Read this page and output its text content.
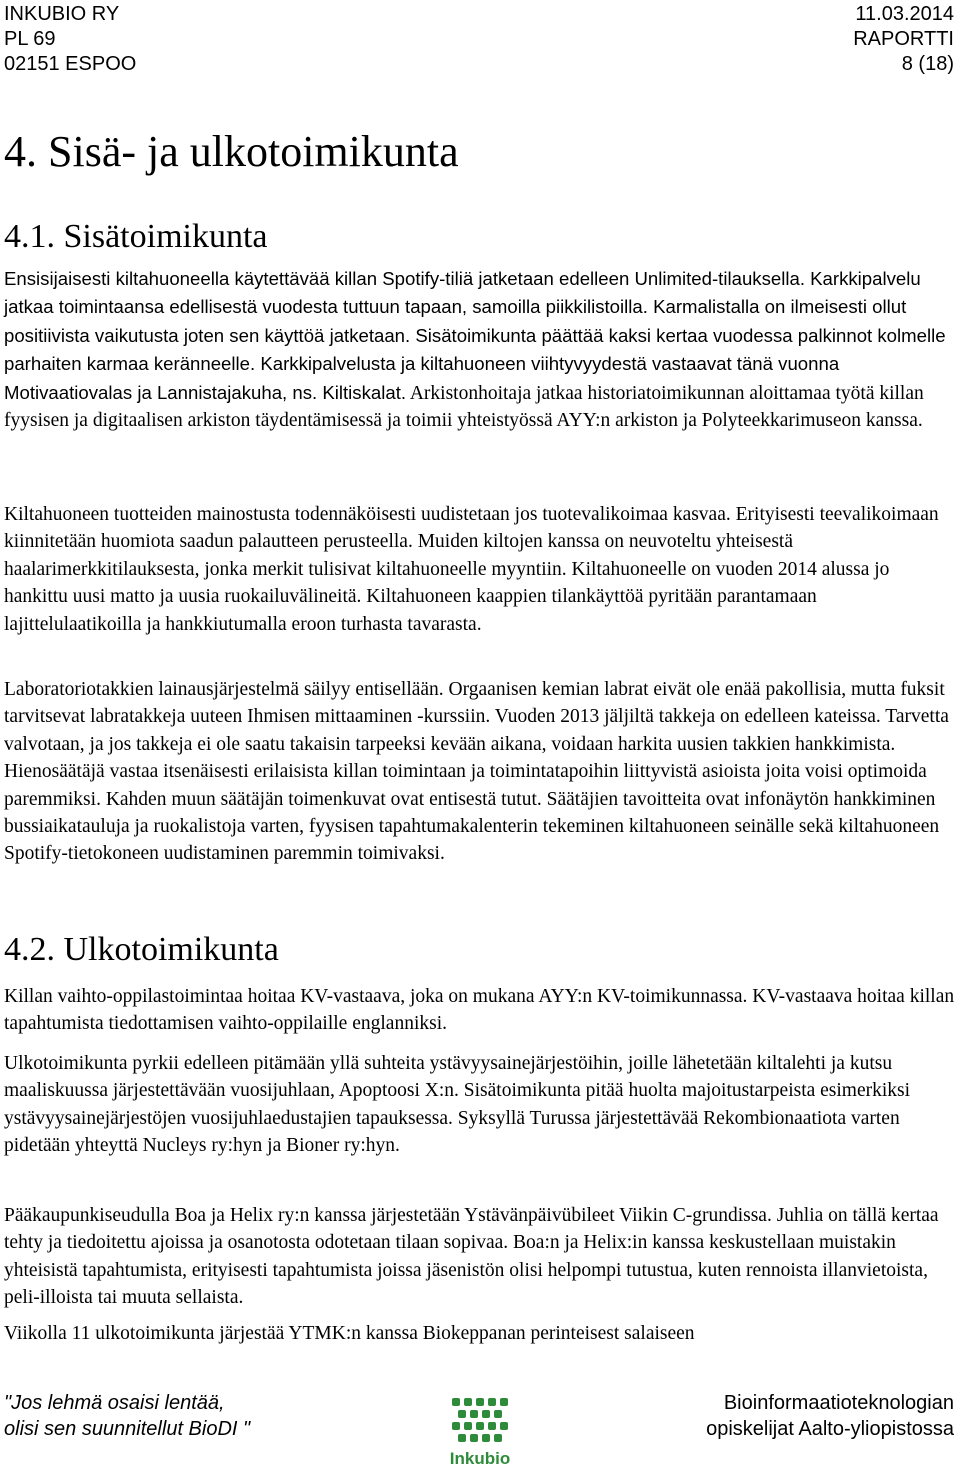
INKUBIO RY
PL 69
02151 ESPOO
11.03.2014
RAPORTTI
8 (18)
4. Sisä- ja ulkotoimikunta
4.1. Sisätoimikunta

Ensisijaisesti kiltahuoneella käytettävää killan Spotify-tiliä jatketaan edelleen Unlimited-tilauksella. Karkkipalvelu jatkaa toimintaansa edellisestä vuodesta tuttuun tapaan, samoilla piikkilistoilla. Karmalistalla on ilmeisesti ollut positiivista vaikutusta joten sen käyttöä jatketaan. Sisätoimikunta päättää kaksi kertaa vuodessa palkinnot kolmelle parhaiten karmaa keränneelle. Karkkipalvelusta ja kiltahuoneen viihtyvyydestä vastaavat tänä vuonna Motivaatiovalas ja Lannistajakuha, ns. Kiltiskalat. Arkistonhoitaja jatkaa historiatoimikunnan aloittamaa työtä killan fyysisen ja digitaalisen arkiston täydentämisessä ja toimii yhteistyössä AYY:n arkiston ja Polyteekkarimuseon kanssa.

Kiltahuoneen tuotteiden mainostusta todennäköisesti uudistetaan jos tuotevalikoimaa kasvaa. Erityisesti teevalikoimaan kiinnitetään huomiota saadun palautteen perusteella. Muiden kiltojen kanssa on neuvoteltu yhteisestä haalarimerkkitilauksesta, jonka merkit tulisivat kiltahuoneelle myyntiin. Kiltahuoneelle on vuoden 2014 alussa jo hankittu uusi matto ja uusia ruokailuvälineitä. Kiltahuoneen kaappien tilankäyttöä pyritään parantamaan lajittelulaatikoilla ja hankkiutumalla eroon turhasta tavarasta.

Laboratoriotakkien lainausjärjestelmä säilyy entisellään. Orgaanisen kemian labrat eivät ole enää pakollisia, mutta fuksit tarvitsevat labratakkeja uuteen Ihmisen mittaaminen -kurssiin. Vuoden 2013 jäljiltä takkeja on edelleen kateissa. Tarvetta valvotaan, ja jos takkeja ei ole saatu takaisin tarpeeksi kevään aikana, voidaan harkita uusien takkien hankkimista. Hienosäätäjä vastaa itsenäisesti erilaisista killan toimintaan ja toimintatapoihin liittyvistä asioista joita voisi optimoida paremmiksi. Kahden muun säätäjän toimenkuvat ovat entisestä tutut. Säätäjien tavoitteita ovat infonäytön hankkiminen bussiaikatauluja ja ruokalistoja varten, fyysisen tapahtumakalenterin tekeminen kiltahuoneen seinälle sekä kiltahuoneen Spotify-tietokoneen uudistaminen paremmin toimivaksi.

4.2. Ulkotoimikunta

Killan vaihto-oppilastoimintaa hoitaa KV-vastaava, joka on mukana AYY:n KV-toimikunnassa. KV-vastaava hoitaa killan tapahtumista tiedottamisen vaihto-oppilaille englanniksi.

Ulkotoimikunta pyrkii edelleen pitämään yllä suhteita ystävyysainejärjestöihin, joille lähetetään kiltalehti ja kutsu maaliskuussa järjestettävään vuosijuhlaan, Apoptoosi X:n. Sisätoimikunta pitää huolta majoitustarpeista esimerkiksi ystävyysainejärjestöjen vuosijuhlaedustajien tapauksessa. Syksyllä Turussa järjestettävää Rekombionaatiota varten pidetään yhteyttä Nucleys ry:hyn ja Bioner ry:hyn.

Pääkaupunkiseudulla Boa ja Helix ry:n kanssa järjestetään Ystävänpäivübileet Viikin C-grundissa. Juhlia on tällä kertaa tehty ja tiedoitettu ajoissa ja osanotosta odotetaan tilaan sopivaa. Boa:n ja Helix:in kanssa keskustellaan muistakin yhteisistä tapahtumista, erityisesti tapahtumista joissa jäsenistön olisi helpompi tutustua, kuten rennoista illanvietoista, peli-illoista tai muuta sellaista.

Viikolla 11 ulkotoimikunta järjestää YTMK:n kanssa Biokeppanan perinteisest salaiseen

"Jos lehmä osaisi lentää,
olisi sen suunnitellut BioDI "
Inkubio
Bioinformaatioteknologian
opiskelijat Aalto-yliopistossa
